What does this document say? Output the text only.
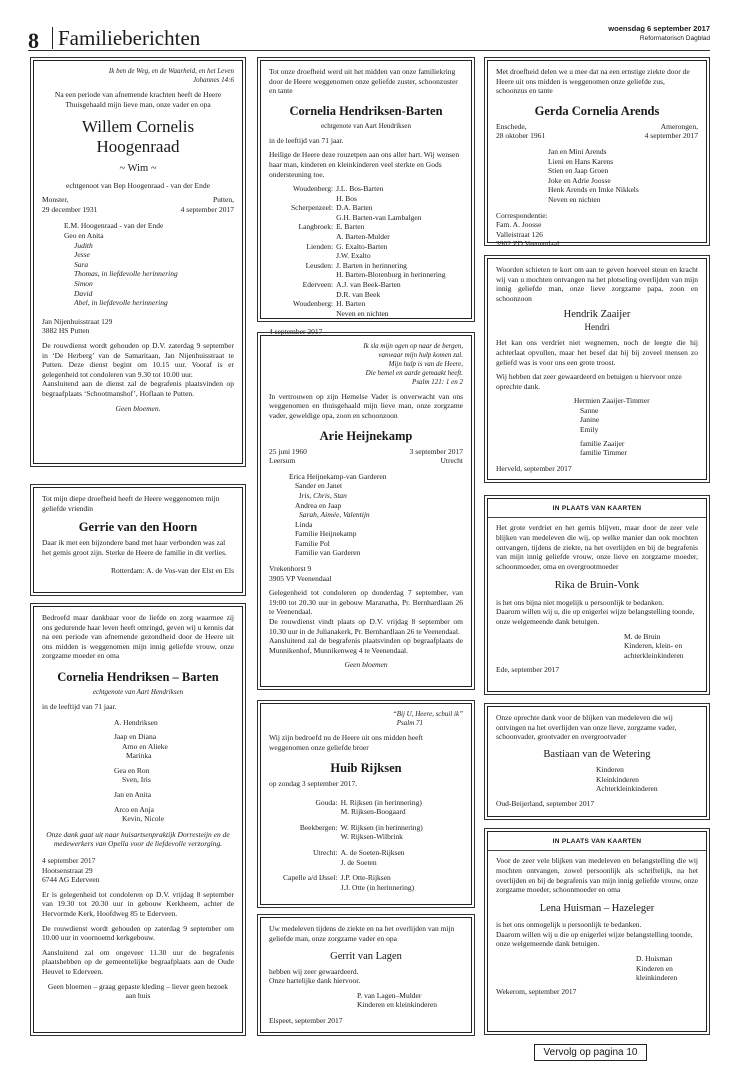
8 Familieberichten	woensdag 6 september 2017
Reformatorisch Dagblad
Ik ben de Weg, en de Waarheid, en het Leven
Johannes 14:6
Na een periode van afnemende krachten heeft de Heere Thuisgehaald mijn lieve man, onze vader en opa
Willem Cornelis
Hoogenraad
~ Wim ~
echtgenoot van Bep Hoogenraad - van der Ende
Monster,
29 december 1931
Putten,
4 september 2017
E.M. Hoogenraad - van der Ende
Geo en Anita
Judith
Jesse
Sara
Thomas, in liefdevolle herinnering
Simon
David
Abel, in liefdevolle herinnering
Jan Nijenhuisstraat 129
3882 HS Putten
De rouwdienst wordt gehouden op D.V. zaterdag 9 september in ‘De Herberg’ van de Samaritaan, Jan Nijenhuisstraat te Putten. Deze dienst begint om 10.15 uur. Vooraf is er gelegenheid tot condoleren van 9.30 tot 10.00 uur.
Aansluitend aan de dienst zal de begrafenis plaatsvinden op begraafplaats ‘Schootmanshof’, Hoflaan te Putten.
Geen bloemen.
Tot mijn diepe droefheid heeft de Heere weggenomen mijn geliefde vriendin
Gerrie van den Hoorn
Daar ik met een bijzondere band met haar verbonden was zal het gemis groot zijn. Sterke de Heere de familie in dit verlies.
Rotterdam: A. de Vos-van der Elst en Els
Bedroefd maar dankbaar voor de liefde en zorg waarmee zij ons gedurende haar leven heeft omringd, geven wij u kennis dat na een periode van afnemende gezondheid door de Heere uit ons midden is weggenomen mijn innig geliefde vrouw, onze zorgzame moeder en oma
Cornelia Hendriksen – Barten
echtgenote van Aart Hendriksen
in de leeftijd van 71 jaar.
A. Hendriksen
Jaap en Diana
Arno en Alieke
Marinka
Gea en Ron
Sven, Iris
Jan en Anita
Arco en Anja
Kevin, Nicole
Onze dank gaat uit naar huisartsenpraktijk Dorresteijn en de medewerkers van Opella voor de liefdevolle verzorging.
4 september 2017
Hootsenstraat 29
6744 AG Ederveen
Er is gelegenheid tot condoleren op D.V. vrijdag 8 september van 19.30 tot 20.30 uur in gebouw Kerkheem, achter de Hervormde Kerk, Hoofdweg 85 te Ederveen.
De rouwdienst wordt gehouden op zaterdag 9 september om 10.00 uur in voornoemd kerkgebouw.
Aansluitend zal om ongeveer 11.30 uur de begrafenis plaatshebben op de gemeentelijke begraafplaats aan de Oude Heuvel te Ederveen.
Geen bloemen – graag gepaste kleding – liever geen bezoek aan huis
Tot onze droefheid werd uit het midden van onze familiekring door de Heere weggenomen onze geliefde zuster, schoonzuster en tante
Cornelia Hendriksen-Barten
echtgenote van Aart Hendriksen
in de leeftijd van 71 jaar.
Heilige de Heere deze rouzetpen aan ons aller hart. Wij wensen haar man, kinderen en kleinkinderen veel sterkte en Gods ondersteuning toe.
Woudenberg: J.L. Bos-Barten
H. Bos
Scherpenzeel: D.A. Barten
G.H. Barten-van Lambalgen
Langbroek: E. Barten
A. Barten-Mulder
Lienden: G. Exalto-Barten
J.W. Exalto
Leusden: J. Barten in herinnering
H. Barten-Blotenburg in herinnering
Ederveen: A.J. van Beek-Barten
D.R. van Beek
Woudenberg: H. Barten
Neven en nichten
4 september 2017
Ik sla mijn ogen op naar de bergen,
vanwaar mijn hulp komen zal.
Mijn hulp is van de Heere,
Die hemel en aarde gemaakt heeft.
Psalm 121: 1 en 2
In vertrouwen op zijn Hemelse Vader is onverwacht van ons weggenomen en thuisgehaald mijn lieve man, onze zorgzame vader, geweldige opa, zoon en schoonzoon
Arie Heijnekamp
25 juni 1960
Leersum
3 september 2017
Utrecht
Erica Heijnekamp-van Garderen
Sander en Janet
Iris, Chris, Stan
Andrea en Jaap
Sarah, Aimée, Valentijn
Linda
Familie Heijnekamp
Familie Pol
Familie van Garderen
Vrekenhorst 9
3905 VP Veenendaal
Gelegenheid tot condoleren op donderdag 7 september, van 19:00 tot 20.30 uur in gebouw Maranatha, Pr. Bernhardlaan 26 te Veenendaal.
De rouwdienst vindt plaats op D.V. vrijdag 8 september om 10.30 uur in de Julianakerk, Pr. Bernhardlaan 26 te Veenendaal.
Aansluitend zal de begrafenis plaatsvinden op begraafplaats de Munnikenhof, Munnikenweg 4 te Veenendaal.
Geen bloemen
“Bij U, Heere, schuil ik”
Psalm 71
Wij zijn bedroefd nu de Heere uit ons midden heeft weggenomen onze geliefde broer
Huib Rijksen
op zondag 3 september 2017.
Gouda: H. Rijksen (in herinnering)
M. Rijksen-Boogaard
Beekbergen: W. Rijksen (in herinnering)
W. Rijksen-Wilbrink
Utrecht: A. de Soeten-Rijksen
J. de Soeten
Capelle a/d IJssel: J.P. Otte-Rijksen
J.J. Otte (in herinnering)
Uw medeleven tijdens de ziekte en na het overlijden van mijn geliefde man, onze zorgzame vader en opa
Gerrit van Lagen
hebben wij zeer gewaardeerd.
Onze hartelijke dank hiervoor.
P. van Lagen–Mulder
Kinderen en kleinkinderen
Elspeet, september 2017
Met droefheid delen we u mee dat na een ernstige ziekte door de Heere uit ons midden is weggenomen onze geliefde zus, schoonzus en tante
Gerda Cornelia Arends
Enschede,
28 oktober 1961
Amerongen,
4 september 2017
Jan en Mini Arends
Lieni en Hans Karens
Stien en Jaap Groen
Joke en Adrie Joosse
Henk Arends en Imke Nikkels
Neven en nichten
Correspondentie:
Fam. A. Joosse
Valleistraat 126
3902 ZD Veenendaal
Woorden schieten te kort om aan te geven hoeveel steun en kracht wij van u mochten ontvangen na het plotseling overlijden van mijn innig geliefde man, onze lieve zorgzame papa, zoon en schoonzoon
Hendrik Zaaijer
Hendri
Het kan ons verdriet niet wegnemen, noch de leegte die hij achterlaat opvullen, maar het besef dat hij bij zoveel mensen zo geliefd was is voor ons een grote troost.
Wij hebben dat zeer gewaardeerd en betuigen u hiervoor onze oprechte dank.
Hermien Zaaijer-Timmer
Sanne
Janine
Emily
familie Zaaijer
familie Timmer
Herveld, september 2017
IN PLAATS VAN KAARTEN
Het grote verdriet en het gemis blijven, maar door de zeer vele blijken van medeleven die wij, op welke manier dan ook mochten ontvangen, tijdens de ziekte, na het overlijden en bij de begrafenis van mijn innig geliefde vrouw, onze lieve en zorgzame moeder, schoonmoeder, oma en overgrootmoeder
Rika de Bruin-Vonk
is het ons bijna niet mogelijk u persoonlijk te bedanken.
Daarom willen wij u, die op enigerlei wijze belangstelling toonde, onze welgemeende dank betuigen.
M. de Bruin
Kinderen, klein- en
achterkleinkinderen
Ede, september 2017
Onze oprechte dank voor de blijken van medeleven die wij ontvingen na het overlijden van onze lieve, zorgzame vader, schoonvader, grootvader en overgrootvader
Bastiaan van de Wetering
Kinderen
Kleinkinderen
Achterkleinkinderen
Oud-Beijerland, september 2017
IN PLAATS VAN KAARTEN
Voor de zeer vele blijken van medeleven en belangstelling die wij mochten ontvangen, zowel persoonlijk als schriftelijk, na het overlijden en bij de begrafenis van mijn innig geliefde vrouw, onze zorgzame moeder, schoonmoeder en oma
Lena Huisman – Hazeleger
is het ons onmogelijk u persoonlijk te bedanken.
Daarom willen wij u die op enigerlei wijze belangstelling toonde, onze welgemeende dank betuigen.
D. Huisman
Kinderen en
kleinkinderen
Wekerom, september 2017
Vervolg op pagina 10
